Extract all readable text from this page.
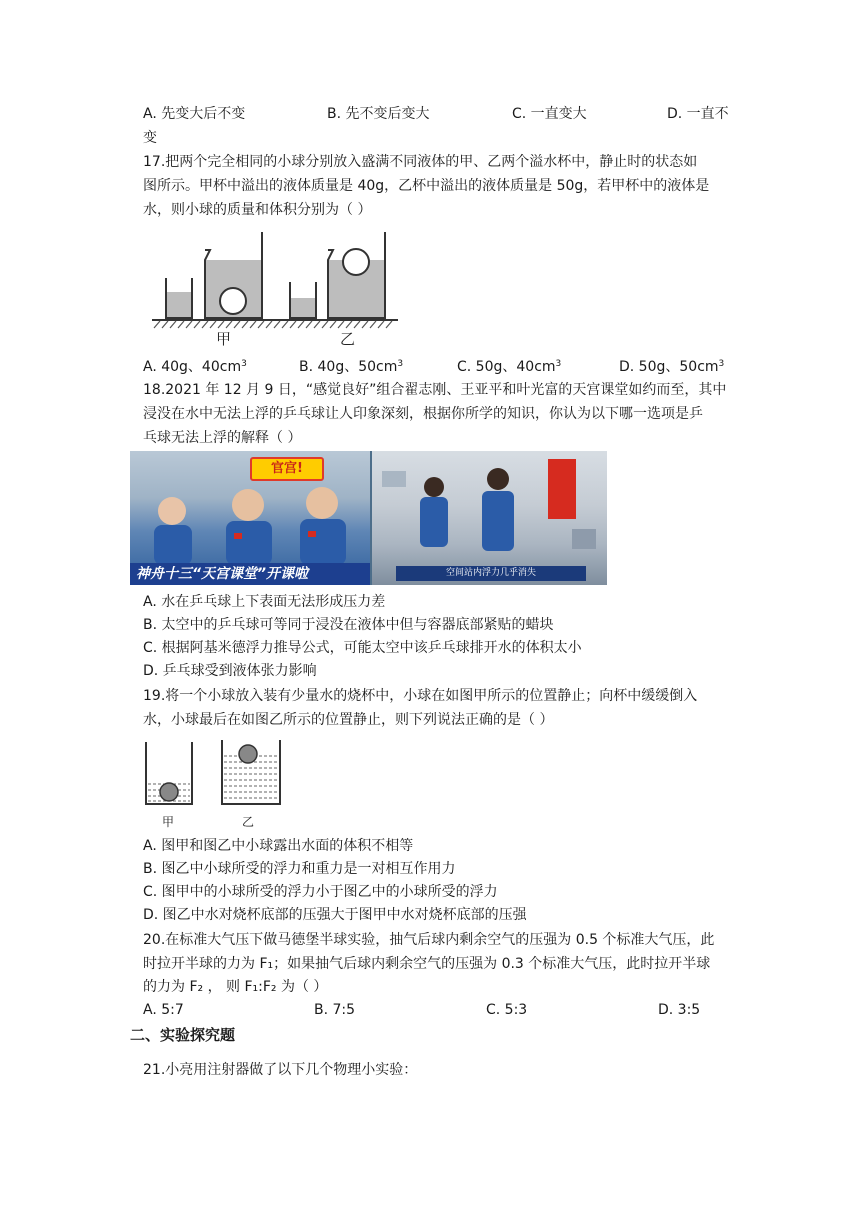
A. 先变大后不变	B. 先不变后变大	C. 一直变大	D. 一直不
变
17.把两个完全相同的小球分别放入盛满不同液体的甲、乙两个溢水杯中，静止时的状态如
图所示。甲杯中溢出的液体质量是 40g，乙杯中溢出的液体质量是 50g，若甲杯中的液体是
水，则小球的质量和体积分别为（ ）
甲	乙
A. 40g、$40cm^3$	B. 40g、$50cm^3$	C. 50g、$40cm^3$	D. 50g、$50cm^3$
18.2021 年 12 月 9 日，“感觉良好”组合翟志刚、王亚平和叶光富的天宫课堂如约而至，其中
浸没在水中无法上浮的乒乓球让人印象深刻，根据你所学的知识，你认为以下哪一选项是乒
乓球无法上浮的解释（ ）
官宫!
神舟十三“天宫课堂”开课啦	空间站内浮力几乎消失
A. 水在乒乓球上下表面无法形成压力差
B. 太空中的乒乓球可等同于浸没在液体中但与容器底部紧贴的蜡块
C. 根据阿基米德浮力推导公式，可能太空中该乒乓球排开水的体积太小
D. 乒乓球受到液体张力影响
19.将一个小球放入装有少量水的烧杯中，小球在如图甲所示的位置静止；向杯中缓缓倒入
水，小球最后在如图乙所示的位置静止，则下列说法正确的是（ ）
甲	乙
A. 图甲和图乙中小球露出水面的体积不相等
B. 图乙中小球所受的浮力和重力是一对相互作用力
C. 图甲中的小球所受的浮力小于图乙中的小球所受的浮力
D. 图乙中水对烧杯底部的压强大于图甲中水对烧杯底部的压强
20.在标准大气压下做马德堡半球实验，抽气后球内剩余空气的压强为 0.5 个标准大气压，此
时拉开半球的力为 F₁；如果抽气后球内剩余空气的压强为 0.3 个标准大气压，此时拉开半球
的力为 F₂ ， 则 F₁:F₂ 为（ ）
A. 5:7	B. 7:5	C. 5:3	D. 3:5
二、实验探究题
21.小亮用注射器做了以下几个物理小实验：
